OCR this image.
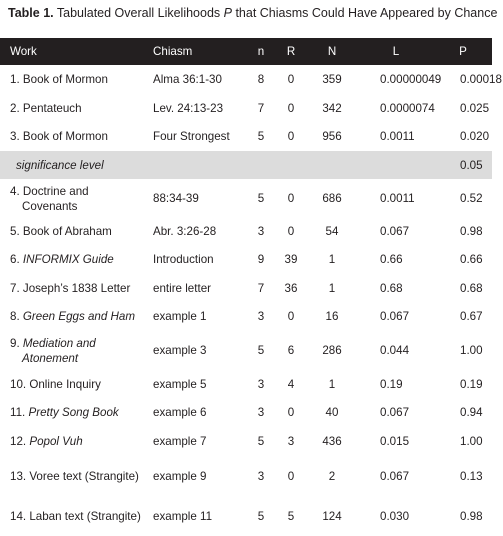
Table 1. Tabulated Overall Likelihoods P that Chiasms Could Have Appeared by Chance
Work	Chiasm	n	R	N	L	P
1. Book of Mormon	Alma 36:1-30	8	0	359	0.00000049	0.00018
2. Pentateuch	Lev. 24:13-23	7	0	342	0.0000074	0.025
3. Book of Mormon	Four Strongest	5	0	956	0.0011	0.020
significance level						0.05
4. Doctrine and
Covenants	88:34-39	5	0	686	0.0011	0.52
5. Book of Abraham	Abr. 3:26-28	3	0	54	0.067	0.98
6. INFORMIX Guide	Introduction	9	39	1	0.66	0.66
7. Joseph’s 1838 Letter	entire letter	7	36	1	0.68	0.68
8. Green Eggs and Ham	example 1	3	0	16	0.067	0.67
9. Mediation and
Atonement	example 3	5	6	286	0.044	1.00
10. Online Inquiry	example 5	3	4	1	0.19	0.19
11. Pretty Song Book	example 6	3	0	40	0.067	0.94
12. Popol Vuh	example 7	5	3	436	0.015	1.00
13. Voree text (Strangite)	example 9	3	0	2	0.067	0.13
14. Laban text (Strangite)	example 11	5	5	124	0.030	0.98
